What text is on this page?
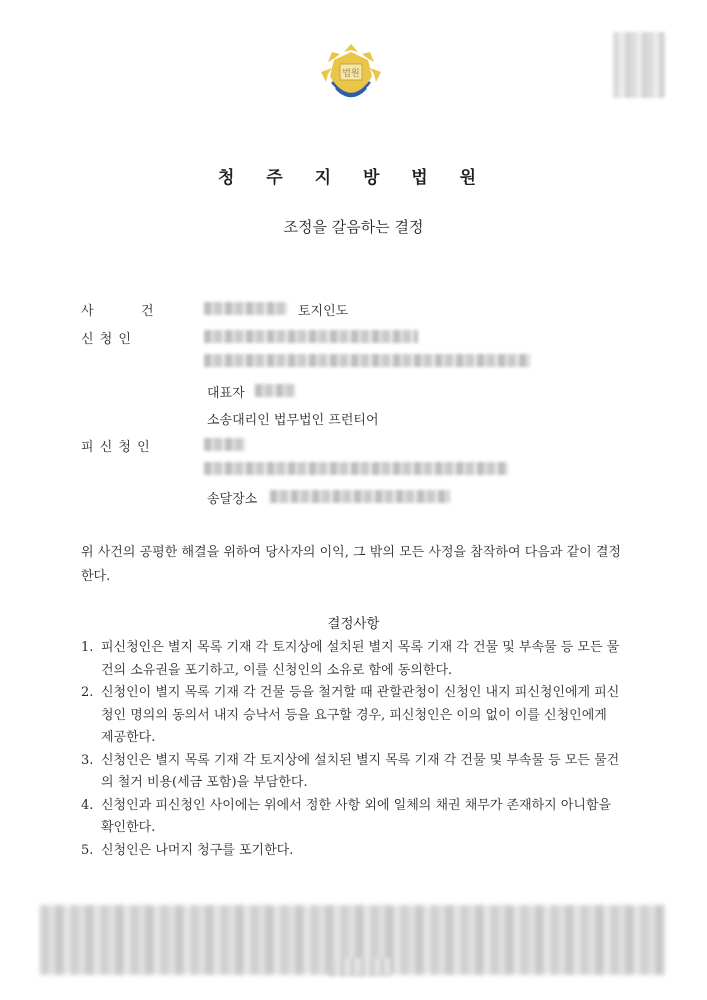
법원
청 주 지 방 법 원
조정을 갈음하는 결정
사	건	토지인도
신 청 인
대표자
소송대리인 법무법인 프런티어
피 신 청 인
송달장소
위 사건의 공평한 해결을 위하여 당사자의 이익, 그 밖의 모든 사정을 참작하여 다음과 같이 결정한다.
결정사항
1. 피신청인은 별지 목록 기재 각 토지상에 설치된 별지 목록 기재 각 건물 및 부속물 등 모든 물건의 소유권을 포기하고, 이를 신청인의 소유로 함에 동의한다.
2. 신청인이 별지 목록 기재 각 건물 등을 철거할 때 관할관청이 신청인 내지 피신청인에게 피신청인 명의의 동의서 내지 승낙서 등을 요구할 경우, 피신청인은 이의 없이 이를 신청인에게 제공한다.
3. 신청인은 별지 목록 기재 각 토지상에 설치된 별지 목록 기재 각 건물 및 부속물 등 모든 물건의 철거 비용(세금 포함)을 부담한다.
4. 신청인과 피신청인 사이에는 위에서 정한 사항 외에 일체의 채권 채무가 존재하지 아니함을 확인한다.
5. 신청인은 나머지 청구를 포기한다.
